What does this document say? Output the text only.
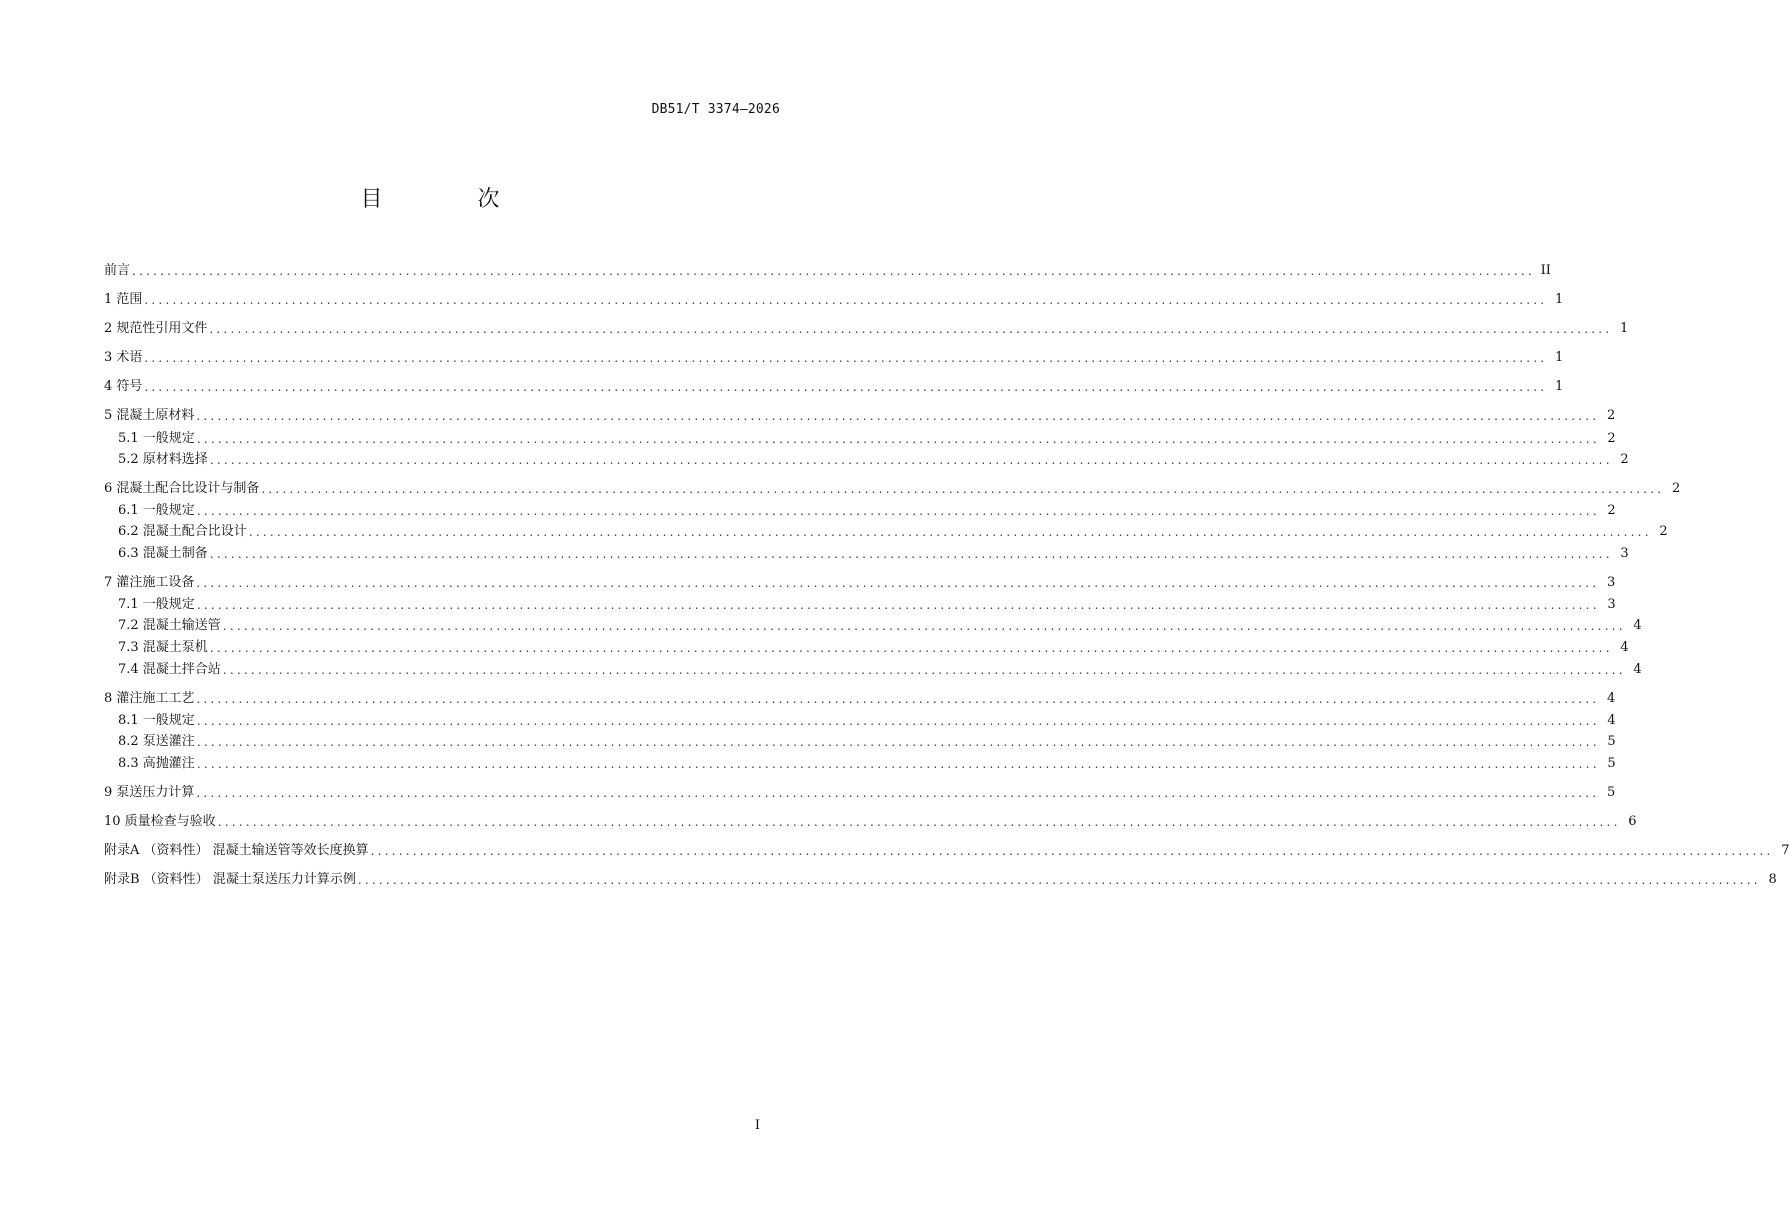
DB51/T 3374—2026
目 次
前言 ........................................................................................................................................................................................................ II
1 范围 ........................................................................................................................................................................................................ 1
2 规范性引用文件 ........................................................................................................................................................................................................ 1
3 术语 ........................................................................................................................................................................................................ 1
4 符号 ........................................................................................................................................................................................................ 1
5 混凝土原材料 ........................................................................................................................................................................................................ 2
5.1 一般规定 ........................................................................................................................................................................................................ 2
5.2 原材料选择 ........................................................................................................................................................................................................ 2
6 混凝土配合比设计与制备 ........................................................................................................................................................................................................ 2
6.1 一般规定 ........................................................................................................................................................................................................ 2
6.2 混凝土配合比设计 ........................................................................................................................................................................................................ 2
6.3 混凝土制备 ........................................................................................................................................................................................................ 3
7 灌注施工设备 ........................................................................................................................................................................................................ 3
7.1 一般规定 ........................................................................................................................................................................................................ 3
7.2 混凝土输送管 ........................................................................................................................................................................................................ 4
7.3 混凝土泵机 ........................................................................................................................................................................................................ 4
7.4 混凝土拌合站 ........................................................................................................................................................................................................ 4
8 灌注施工工艺 ........................................................................................................................................................................................................ 4
8.1 一般规定 ........................................................................................................................................................................................................ 4
8.2 泵送灌注 ........................................................................................................................................................................................................ 5
8.3 高抛灌注 ........................................................................................................................................................................................................ 5
9 泵送压力计算 ........................................................................................................................................................................................................ 5
10 质量检查与验收 ........................................................................................................................................................................................................ 6
附录A （资料性） 混凝土输送管等效长度换算 ........................................................................................................................................................................................................ 7
附录B （资料性） 混凝土泵送压力计算示例 ........................................................................................................................................................................................................ 8
I
